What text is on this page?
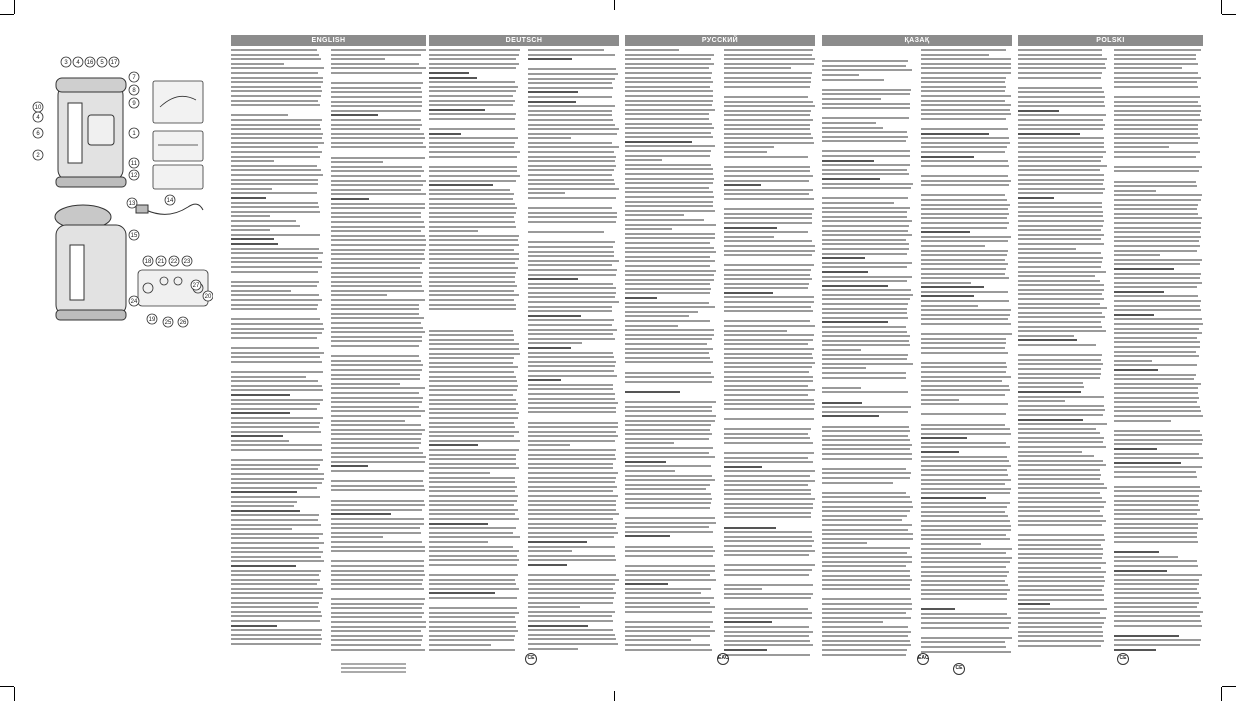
3 4 16 5 17
7
8
9
10
4
6
2
1
11
12
13	14
15
18 21 22 23
24
19
20
25 26
27
ENGLISH	DEUTSCH
CE
РУССКИЙ	ҚАЗАҚ	POLSKI
CE	EAC	EAC	CE
